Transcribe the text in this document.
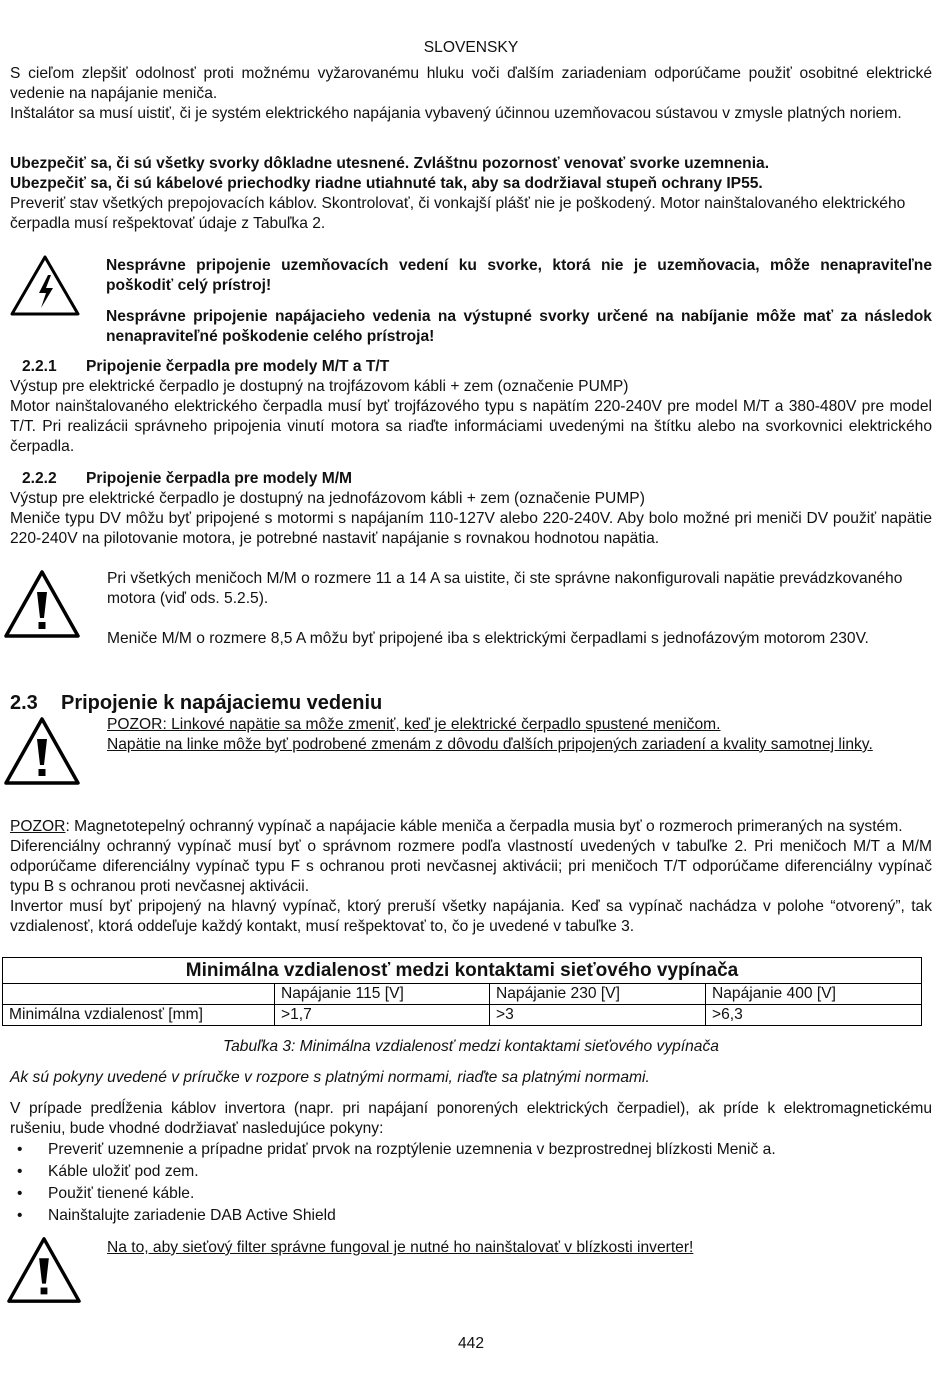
SLOVENSKY

S cieľom zlepšiť odolnosť proti možnému vyžarovanému hluku voči ďalším zariadeniam odporúčame použiť osobitné elektrické vedenie na napájanie meniča.

Inštalátor sa musí uistiť, či je systém elektrického napájania vybavený účinnou uzemňovacou sústavou v zmysle platných noriem.

Ubezpečiť sa, či sú všetky svorky dôkladne utesnené. Zvláštnu pozornosť venovať svorke uzemnenia.

Ubezpečiť sa, či sú kábelové priechodky riadne utiahnuté tak, aby sa dodržiaval stupeň ochrany IP55.

Preveriť stav všetkých prepojovacích káblov. Skontrolovať, či vonkajší plášť nie je poškodený. Motor nainštalovaného elektrického čerpadla musí rešpektovať údaje z Tabuľka 2.

Nesprávne pripojenie uzemňovacích vedení ku svorke, ktorá nie je uzemňovacia, môže nenapraviteľne poškodiť celý prístroj!

Nesprávne pripojenie napájacieho vedenia na výstupné svorky určené na nabíjanie môže mať za následok nenapraviteľné poškodenie celého prístroja!

2.2.1 Pripojenie čerpadla pre modely M/T a T/T

Výstup pre elektrické čerpadlo je dostupný na trojfázovom kábli + zem (označenie PUMP)

Motor nainštalovaného elektrického čerpadla musí byť trojfázového typu s napätím 220-240V pre model M/T a 380-480V pre model T/T. Pri realizácii správneho pripojenia vinutí motora sa riaďte informáciami uvedenými na štítku alebo na svorkovnici elektrického čerpadla.

2.2.2 Pripojenie čerpadla pre modely M/M

Výstup pre elektrické čerpadlo je dostupný na jednofázovom kábli + zem (označenie PUMP)

Meniče typu DV môžu byť pripojené s motormi s napájaním 110-127V alebo 220-240V. Aby bolo možné pri meniči DV použiť napätie 220-240V na pilotovanie motora, je potrebné nastaviť napájanie s rovnakou hodnotou napätia.

Pri všetkých meničoch M/M o rozmere 11 a 14 A sa uistite, či ste správne nakonfigurovali napätie prevádzkovaného motora (viď ods. 5.2.5).

Meniče M/M o rozmere 8,5 A môžu byť pripojené iba s elektrickými čerpadlami s jednofázovým motorom 230V.

2.3 Pripojenie k napájaciemu vedeniu

POZOR: Linkové napätie sa môže zmeniť, keď je elektrické čerpadlo spustené meničom.

Napätie na linke môže byť podrobené zmenám z dôvodu ďalších pripojených zariadení a kvality samotnej linky.

POZOR: Magnetotepelný ochranný vypínač a napájacie káble meniča a čerpadla musia byť o rozmeroch primeraných na systém.

Diferenciálny ochranný vypínač musí byť o správnom rozmere podľa vlastností uvedených v tabuľke 2. Pri meničoch M/T a M/M odporúčame diferenciálny vypínač typu F s ochranou proti nevčasnej aktivácii; pri meničoch T/T odporúčame diferenciálny vypínač typu B s ochranou proti nevčasnej aktivácii.

Invertor musí byť pripojený na hlavný vypínač, ktorý preruší všetky napájania. Keď sa vypínač nachádza v polohe “otvorený”, tak vzdialenosť, ktorá oddeľuje každý kontakt, musí rešpektovať to, čo je uvedené v tabuľke 3.

Minimálna vzdialenosť medzi kontaktami sieťového vypínača			
	Napájanie 115 [V]	Napájanie 230 [V]	Napájanie 400 [V]
Minimálna vzdialenosť [mm]	>1,7	>3	>6,3
Tabuľka 3: Minimálna vzdialenosť medzi kontaktami sieťového vypínača
Ak sú pokyny uvedené v príručke v rozpore s platnými normami, riaďte sa platnými normami.
V prípade predĺženia káblov invertora (napr. pri napájaní ponorených elektrických čerpadiel), ak príde k elektromagnetickému rušeniu, bude vhodné dodržiavať nasledujúce pokyny:
• Preveriť uzemnenie a prípadne pridať prvok na rozptýlenie uzemnenia v bezprostrednej blízkosti Menič a.
• Káble uložiť pod zem.
• Použiť tienené káble.
• Nainštalujte zariadenie DAB Active Shield
Na to, aby sieťový filter správne fungoval je nutné ho nainštalovať v blízkosti inverter!
442
